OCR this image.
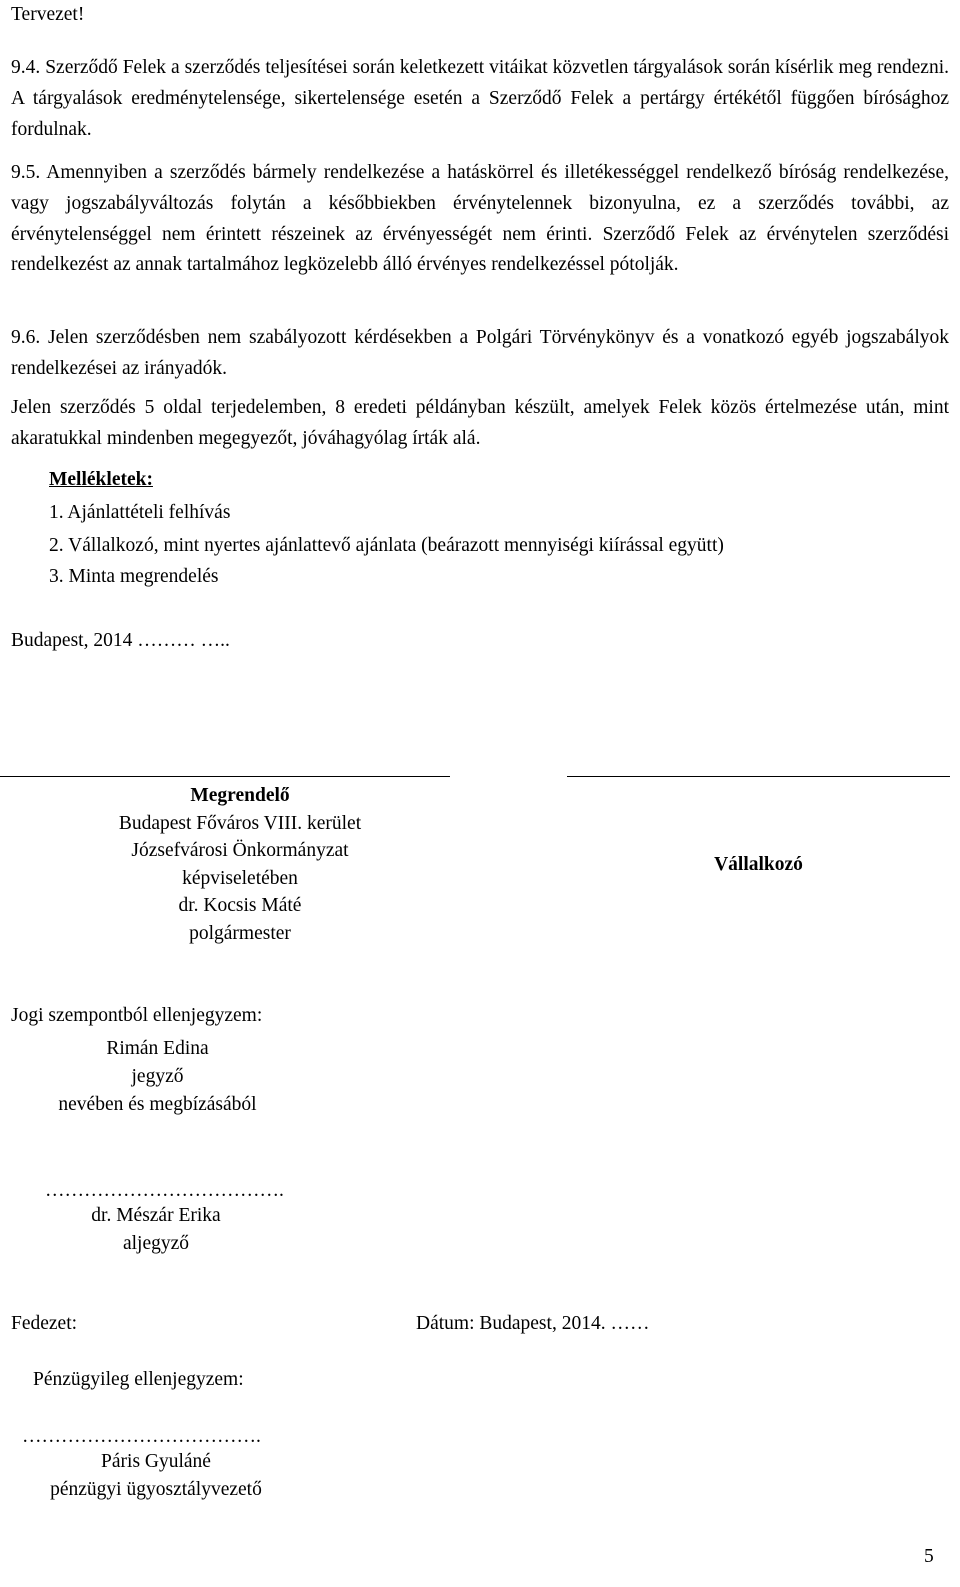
Tervezet!

9.4. Szerződő Felek a szerződés teljesítései során keletkezett vitáikat közvetlen tárgyalások során kísérlik meg rendezni. A tárgyalások eredménytelensége, sikertelensége esetén a Szerződő Felek a pertárgy értékétől függően bírósághoz fordulnak.

9.5. Amennyiben a szerződés bármely rendelkezése a hatáskörrel és illetékességgel rendelkező bíróság rendelkezése, vagy jogszabályváltozás folytán a későbbiekben érvénytelennek bizonyulna, ez a szerződés további, az érvénytelenséggel nem érintett részeinek az érvényességét nem érinti. Szerződő Felek az érvénytelen szerződési rendelkezést az annak tartalmához legközelebb álló érvényes rendelkezéssel pótolják.

9.6. Jelen szerződésben nem szabályozott kérdésekben a Polgári Törvénykönyv és a vonatkozó egyéb jogszabályok rendelkezései az irányadók.

Jelen szerződés 5 oldal terjedelemben, 8 eredeti példányban készült, amelyek Felek közös értelmezése után, mint akaratukkal mindenben megegyezőt, jóváhagyólag írták alá.

Mellékletek:
1. Ajánlattételi felhívás
2. Vállalkozó, mint nyertes ajánlattevő ajánlata (beárazott mennyiségi kiírással együtt)
3. Minta megrendelés
Budapest, 2014 ……… …..
Megrendelő
Budapest Főváros VIII. kerület
Józsefvárosi Önkormányzat
képviseletében
dr. Kocsis Máté
polgármester
Vállalkozó
Jogi szempontból ellenjegyzem:
Rimán Edina
jegyző
nevében és megbízásából
……………………………….
dr. Mészár Erika
aljegyző
Fedezet:	Dátum: Budapest, 2014. ……
Pénzügyileg ellenjegyzem:
……………………………….
Páris Gyuláné
pénzügyi ügyosztályvezető
5
